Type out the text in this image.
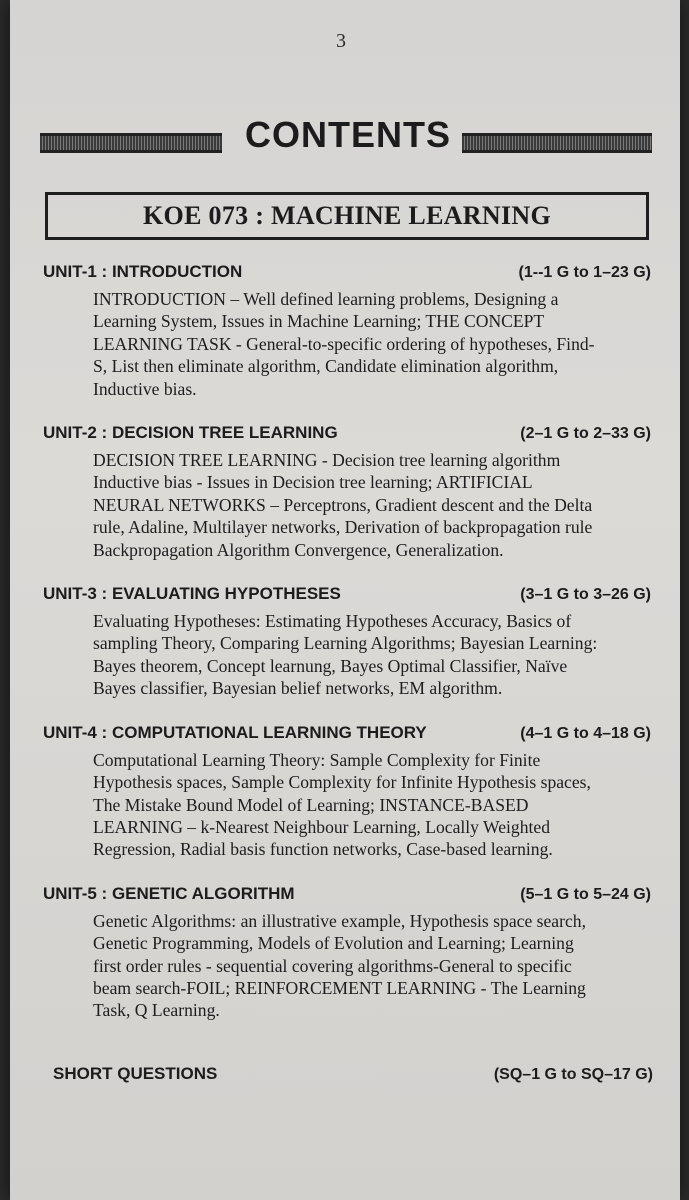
3
CONTENTS
KOE 073 : MACHINE LEARNING
UNIT-1 : INTRODUCTION	(1--1 G to 1–23 G)

INTRODUCTION – Well defined learning problems, Designing a Learning System, Issues in Machine Learning; THE CONCEPT LEARNING TASK - General-to-specific ordering of hypotheses, Find-S, List then eliminate algorithm, Candidate elimination algorithm, Inductive bias.

UNIT-2 : DECISION TREE LEARNING	(2–1 G to 2–33 G)

DECISION TREE LEARNING - Decision tree learning algorithm Inductive bias - Issues in Decision tree learning; ARTIFICIAL NEURAL NETWORKS – Perceptrons, Gradient descent and the Delta rule, Adaline, Multilayer networks, Derivation of backpropagation rule Backpropagation Algorithm Convergence, Generalization.

UNIT-3 : EVALUATING HYPOTHESES	(3–1 G to 3–26 G)

Evaluating Hypotheses: Estimating Hypotheses Accuracy, Basics of sampling Theory, Comparing Learning Algorithms; Bayesian Learning: Bayes theorem, Concept learnung, Bayes Optimal Classifier, Naïve Bayes classifier, Bayesian belief networks, EM algorithm.

UNIT-4 : COMPUTATIONAL LEARNING THEORY	(4–1 G to 4–18 G)

Computational Learning Theory: Sample Complexity for Finite Hypothesis spaces, Sample Complexity for Infinite Hypothesis spaces, The Mistake Bound Model of Learning; INSTANCE-BASED LEARNING – k-Nearest Neighbour Learning, Locally Weighted Regression, Radial basis function networks, Case-based learning.

UNIT-5 : GENETIC ALGORITHM	(5–1 G to 5–24 G)

Genetic Algorithms: an illustrative example, Hypothesis space search, Genetic Programming, Models of Evolution and Learning; Learning first order rules - sequential covering algorithms-General to specific beam search-FOIL; REINFORCEMENT LEARNING - The Learning Task, Q Learning.

SHORT QUESTIONS	(SQ–1 G to SQ–17 G)
